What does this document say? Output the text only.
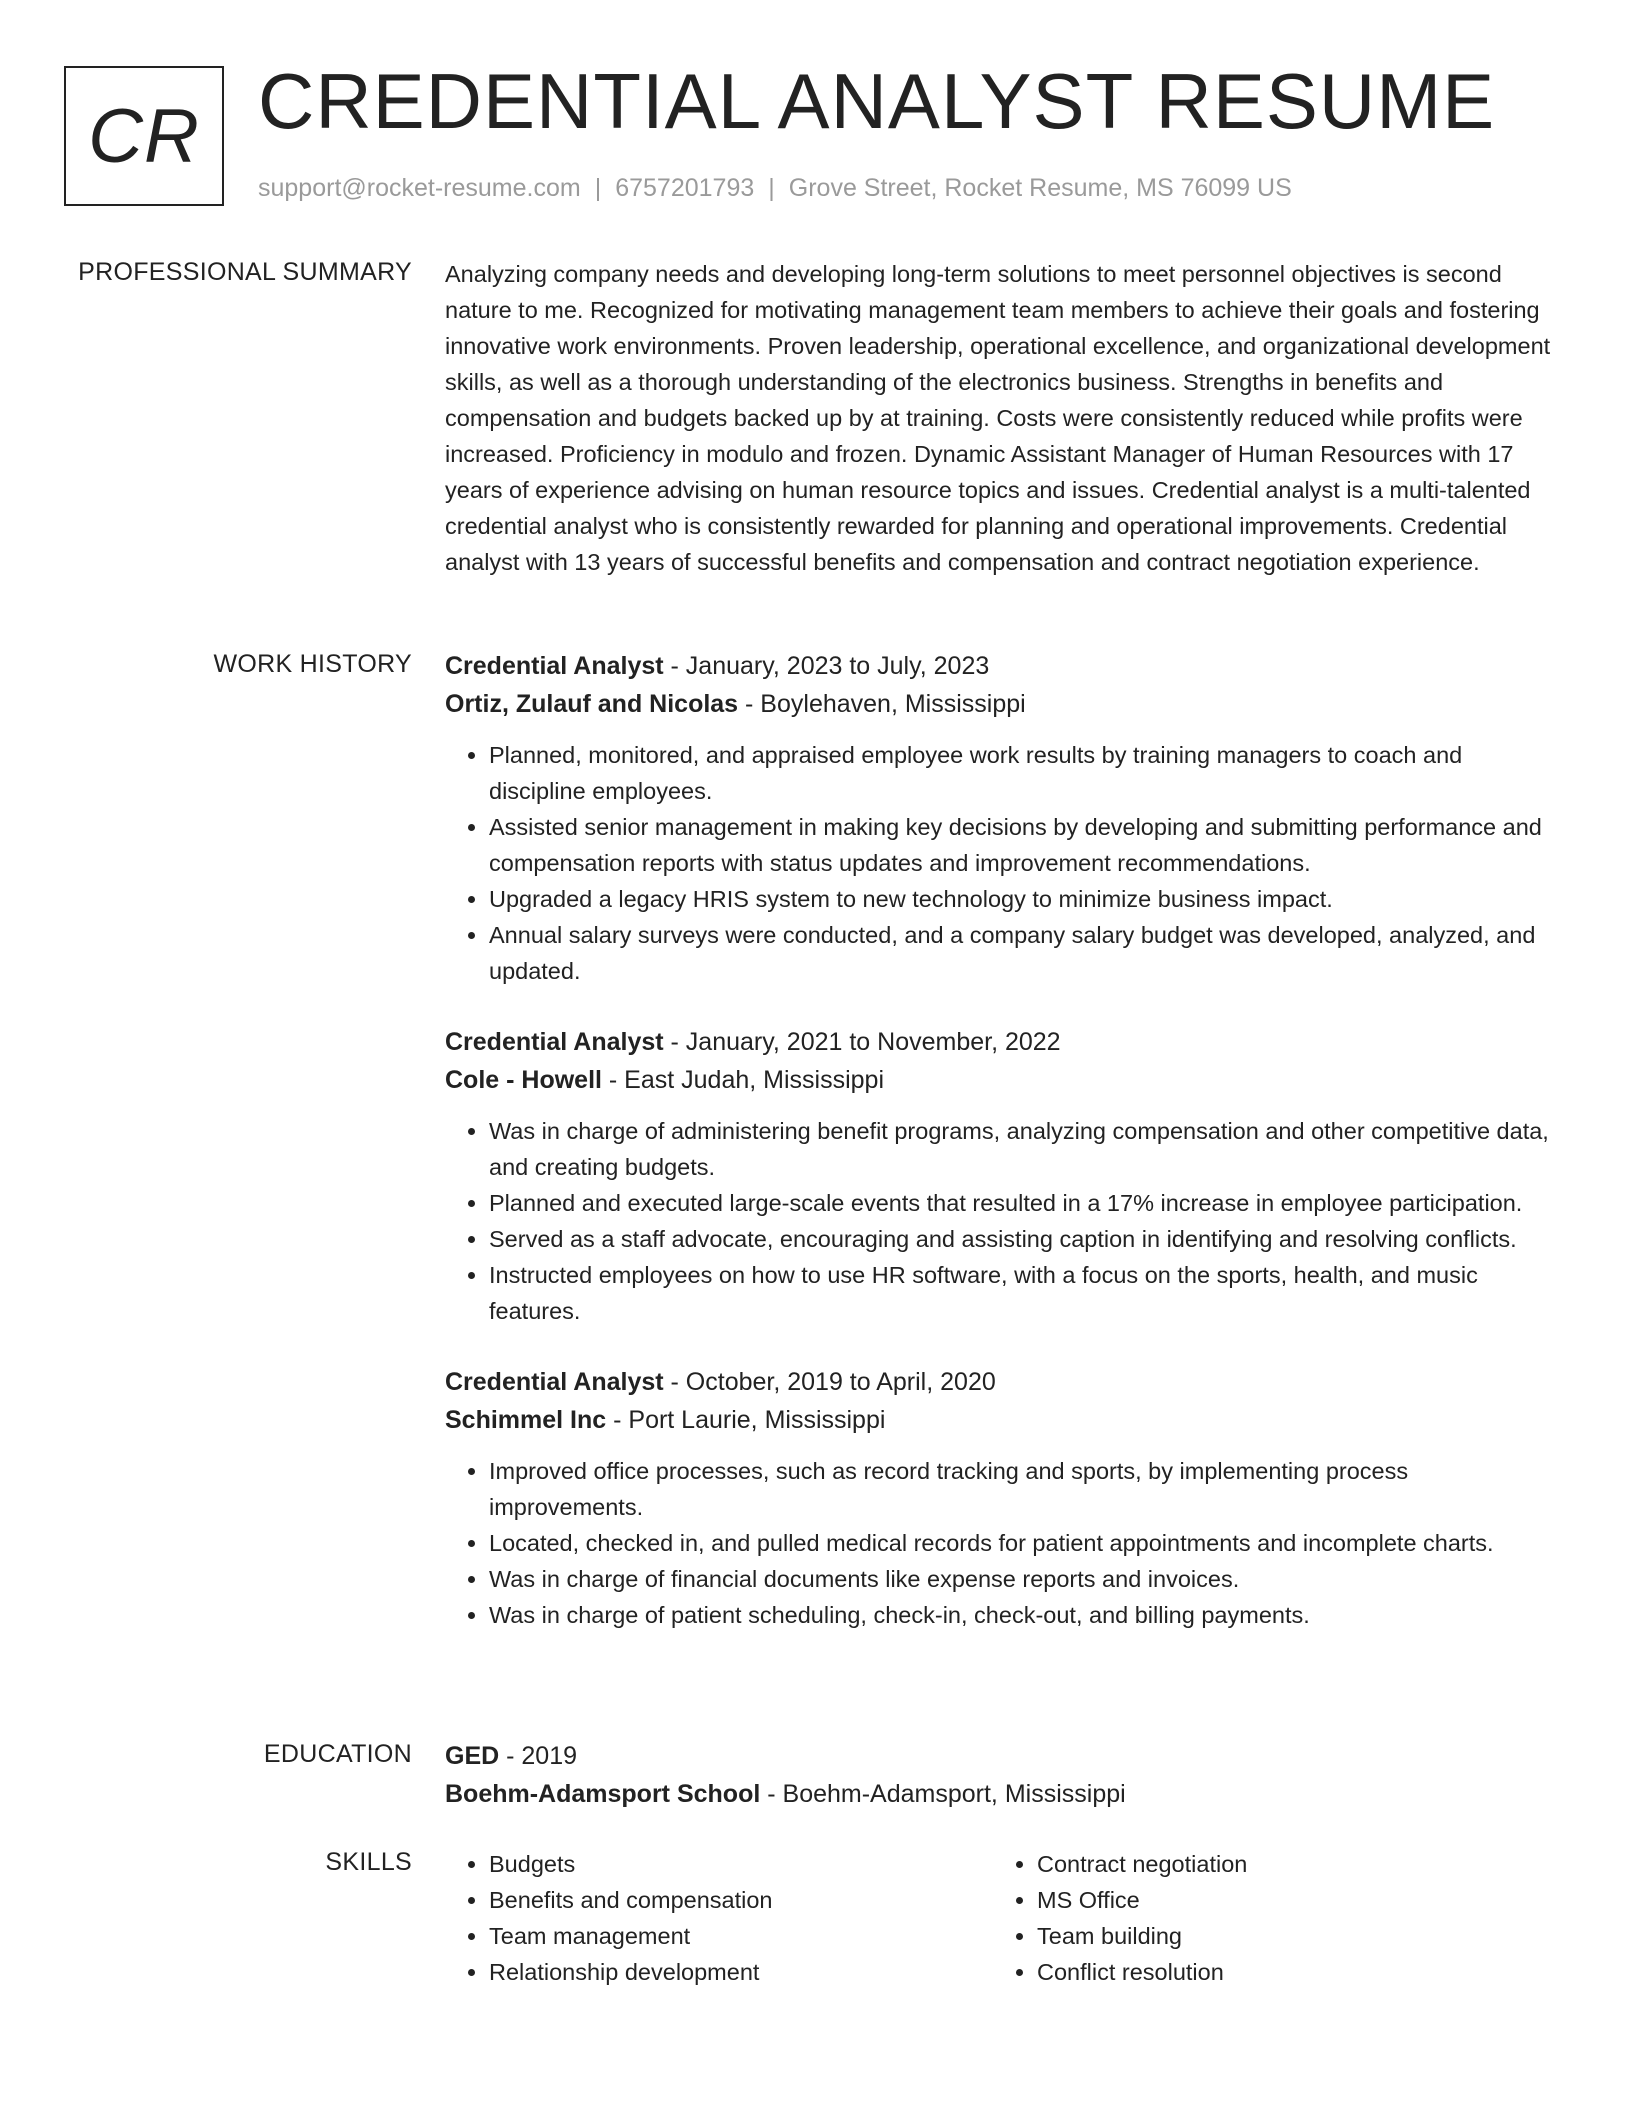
CR CREDENTIAL ANALYST RESUME
support@rocket-resume.com | 6757201793 | Grove Street, Rocket Resume, MS 76099 US
PROFESSIONAL SUMMARY Analyzing company needs and developing long-term solutions to meet personnel objectives is second nature to me. Recognized for motivating management team members to achieve their goals and fostering innovative work environments. Proven leadership, operational excellence, and organizational development skills, as well as a thorough understanding of the electronics business. Strengths in benefits and compensation and budgets backed up by at training. Costs were consistently reduced while profits were increased. Proficiency in modulo and frozen. Dynamic Assistant Manager of Human Resources with 17 years of experience advising on human resource topics and issues. Credential analyst is a multi-talented credential analyst who is consistently rewarded for planning and operational improvements. Credential analyst with 13 years of successful benefits and compensation and contract negotiation experience.

WORK HISTORY Credential Analyst - January, 2023 to July, 2023
Ortiz, Zulauf and Nicolas - Boylehaven, Mississippi
• Planned, monitored, and appraised employee work results by training managers to coach and discipline employees.
• Assisted senior management in making key decisions by developing and submitting performance and compensation reports with status updates and improvement recommendations.
• Upgraded a legacy HRIS system to new technology to minimize business impact.
• Annual salary surveys were conducted, and a company salary budget was developed, analyzed, and updated.
Credential Analyst - January, 2021 to November, 2022
Cole - Howell - East Judah, Mississippi
• Was in charge of administering benefit programs, analyzing compensation and other competitive data, and creating budgets.
• Planned and executed large-scale events that resulted in a 17% increase in employee participation.
• Served as a staff advocate, encouraging and assisting caption in identifying and resolving conflicts.
• Instructed employees on how to use HR software, with a focus on the sports, health, and music features.
Credential Analyst - October, 2019 to April, 2020
Schimmel Inc - Port Laurie, Mississippi
• Improved office processes, such as record tracking and sports, by implementing process improvements.
• Located, checked in, and pulled medical records for patient appointments and incomplete charts.
• Was in charge of financial documents like expense reports and invoices.
• Was in charge of patient scheduling, check-in, check-out, and billing payments.
EDUCATION GED - 2019
Boehm-Adamsport School - Boehm-Adamsport, Mississippi
SKILLS
•	Budgets
• Benefits and compensation
• Team management
• Relationship development
• Contract negotiation
• MS Office
• Team building
• Conflict resolution
